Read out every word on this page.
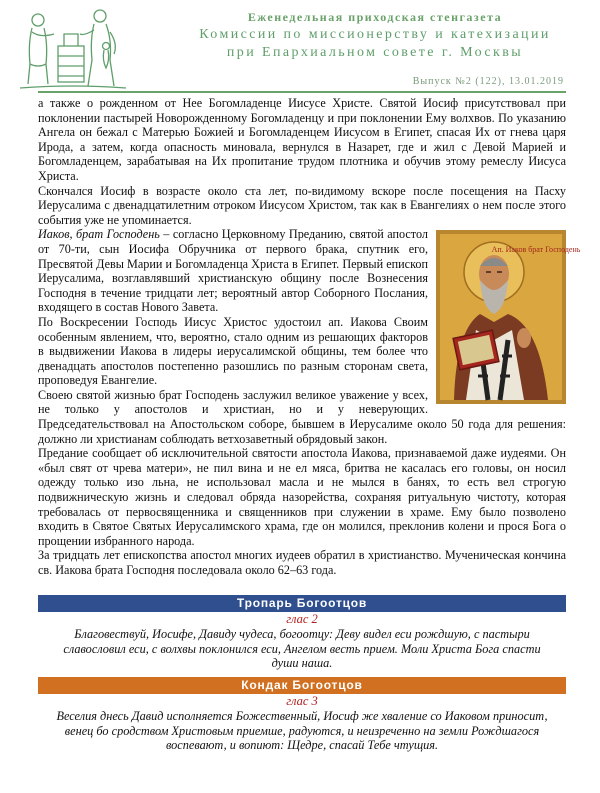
Еженедельная приходская стенгазета
Комиссии по миссионерству и катехизации
при Епархиальном совете г. Москвы
Выпуск №2 (122), 13.01.2019

а также о рожденном от Нее Богомладенце Иисусе Христе. Святой Иосиф присутствовал при поклонении пастырей Новорожденному Богомладенцу и при поклонении Ему волхвов. По указанию Ангела он бежал с Матерью Божией и Богомладенцем Иисусом в Египет, спасая Их от гнева царя Ирода, а затем, когда опасность миновала, вернулся в Назарет, где и жил с Девой Марией и Богомладенцем, зарабатывая на Их пропитание трудом плотника и обучив этому ремеслу Иисуса Христа.

Скончался Иосиф в возрасте около ста лет, по-видимому вскоре после посещения на Пасху Иерусалима с двенадцатилетним отроком Иисусом Христом, так как в Евангелиях о нем после этого события уже не упоминается.

Ап. Иаков брат Господень

Иаков, брат Господень – согласно Церковному Преданию, святой апостол от 70-ти, сын Иосифа Обручника от первого брака, спутник его, Пресвятой Девы Марии и Богомладенца Христа в Египет. Первый епископ Иерусалима, возглавлявший христианскую общину после Вознесения Господня в течение тридцати лет; вероятный автор Соборного Послания, входящего в состав Нового Завета.

По Воскресении Господь Иисус Христос удостоил ап. Иакова Своим особенным явлением, что, вероятно, стало одним из решающих факторов в выдвижении Иакова в лидеры иерусалимской общины, тем более что двенадцать апостолов постепенно разошлись по разным сторонам света, проповедуя Евангелие.

Своею святой жизнью брат Господень заслужил великое уважение у всех, не только у апостолов и христиан, но и у неверующих. Председательствовал на Апостольском соборе, бывшем в Иерусалиме около 50 года для решения: должно ли христианам соблюдать ветхозаветный обрядовый закон.

Предание сообщает об исключительной святости апостола Иакова, признаваемой даже иудеями. Он «был свят от чрева матери», не пил вина и не ел мяса, бритва не касалась его головы, он носил одежду только изо льна, не использовал масла и не мылся в банях, то есть вел строгую подвижническую жизнь и следовал обряда назорейства, сохраняя ритуальную чистоту, которая требовалась от первосвященника и священников при служении в храме. Ему было позволено входить в Святое Святых Иерусалимского храма, где он молился, преклонив колени и прося Бога о прощении избранного народа.

За тридцать лет епископства апостол многих иудеев обратил в христианство. Мученическая кончина св. Иакова брата Господня последовала около 62–63 года.

Тропарь Богоотцов
глас 2
Благовествуй, Иосифе, Давиду чудеса, богоотцу: Деву видел еси рождшую, с пастыри славословил еси, с волхвы поклонился еси, Ангелом весть прием. Моли Христа Бога спасти души наша.
Кондак Богоотцов
глас 3
Веселия днесь Давид исполняется Божественный, Иосиф же хваление со Иаковом приносит, венец бо сродством Христовым приемше, радуются, и неизреченно на земли Рождшагося воспевают, и вопиют: Щедре, спасай Тебе чтущия.
